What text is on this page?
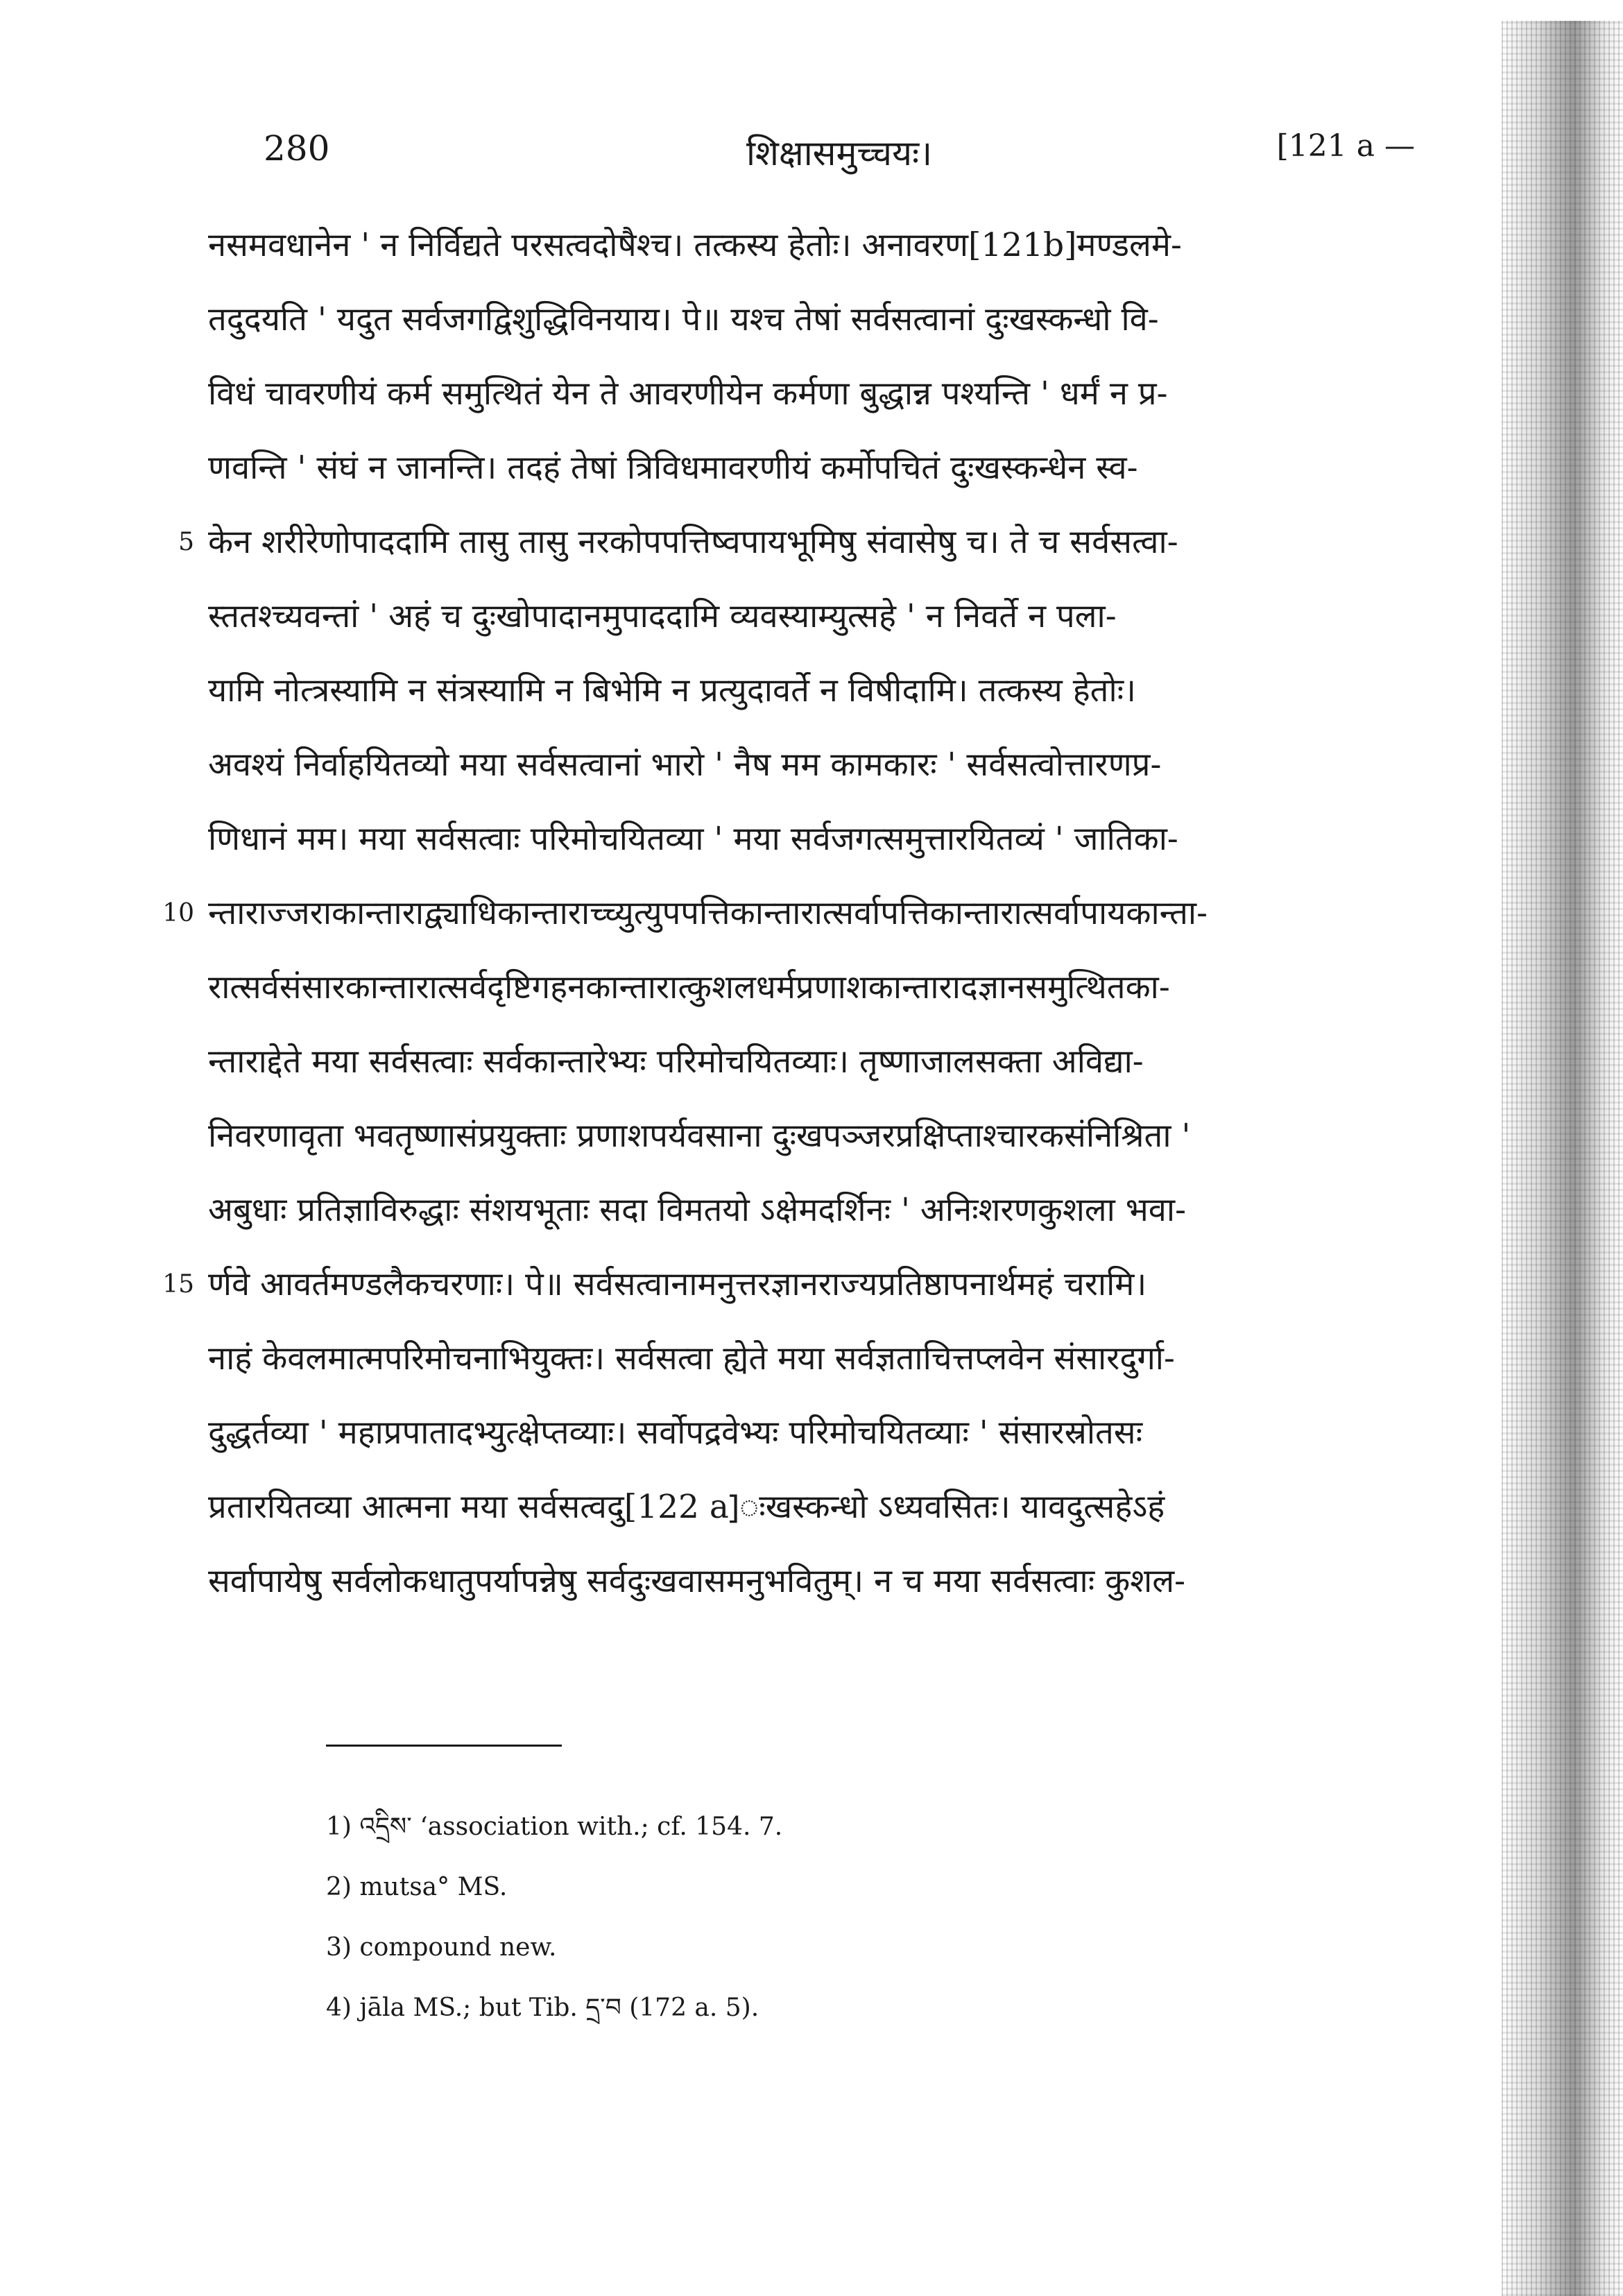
280	शिक्षासमुच्चयः।	[121 a —
नसमवधानेन ' न निर्विद्यते परसत्वदोषैश्च। तत्कस्य हेतोः। अनावरण[121b]मण्डलमे-
तदुदयति ' यदुत सर्वजगद्विशुद्धिविनयाय। पे॥ यश्च तेषां सर्वसत्वानां दुःखस्कन्धो वि-
विधं चावरणीयं कर्म समुत्थितं येन ते आवरणीयेन कर्मणा बुद्धान्न पश्यन्ति ' धर्मं न प्र-
णवन्ति ' संघं न जानन्ति। तदहं तेषां त्रिविधमावरणीयं कर्मोपचितं दुःखस्कन्धेन स्व-
5 केन शरीरेणोपाददामि तासु तासु नरकोपपत्तिष्वपायभूमिषु संवासेषु च। ते च सर्वसत्वा-
स्ततश्च्यवन्तां ' अहं च दुःखोपादानमुपाददामि व्यवस्याम्युत्सहे ' न निवर्ते न पला-
यामि नोत्त्रस्यामि न संत्रस्यामि न बिभेमि न प्रत्युदावर्ते न विषीदामि। तत्कस्य हेतोः।
अवश्यं निर्वाहयितव्यो मया सर्वसत्वानां भारो ' नैष मम कामकारः ' सर्वसत्वोत्तारणप्र-
णिधानं मम। मया सर्वसत्वाः परिमोचयितव्या ' मया सर्वजगत्समुत्तारयितव्यं ' जातिका-
10 न्ताराज्जराकान्ताराद्व्याधिकान्ताराच्च्युत्युपपत्तिकान्तारात्सर्वापत्तिकान्तारात्सर्वापायकान्ता-
रात्सर्वसंसारकान्तारात्सर्वदृष्टिगहनकान्तारात्कुशलधर्मप्रणाशकान्तारादज्ञानसमुत्थितका-
न्ताराद्देते मया सर्वसत्वाः सर्वकान्तारेभ्यः परिमोचयितव्याः। तृष्णाजालसक्ता अविद्या-
निवरणावृता भवतृष्णासंप्रयुक्ताः प्रणाशपर्यवसाना दुःखपञ्जरप्रक्षिप्ताश्चारकसंनिश्रिता '
अबुधाः प्रतिज्ञाविरुद्धाः संशयभूताः सदा विमतयो ऽक्षेमदर्शिनः ' अनिःशरणकुशला भवा-
15 र्णवे आवर्तमण्डलैकचरणाः। पे॥ सर्वसत्वानामनुत्तरज्ञानराज्यप्रतिष्ठापनार्थमहं चरामि।
नाहं केवलमात्मपरिमोचनाभियुक्तः। सर्वसत्वा ह्येते मया सर्वज्ञताचित्तप्लवेन संसारदुर्गा-
दुद्धर्तव्या ' महाप्रपातादभ्युत्क्षेप्तव्याः। सर्वोपद्रवेभ्यः परिमोचयितव्याः ' संसारस्रोतसः
प्रतारयितव्या आत्मना मया सर्वसत्वदु[122 a]ःखस्कन्धो ऽध्यवसितः। यावदुत्सहेऽहं
सर्वापायेषु सर्वलोकधातुपर्यापन्नेषु सर्वदुःखवासमनुभवितुम्। न च मया सर्वसत्वाः कुशल-
1) འདྲིས་ ‘association with.; cf. 154. 7.
2) mutsa° MS.
3) compound new.
4) jāla MS.; but Tib. དྲ་བ (172 a. 5).
